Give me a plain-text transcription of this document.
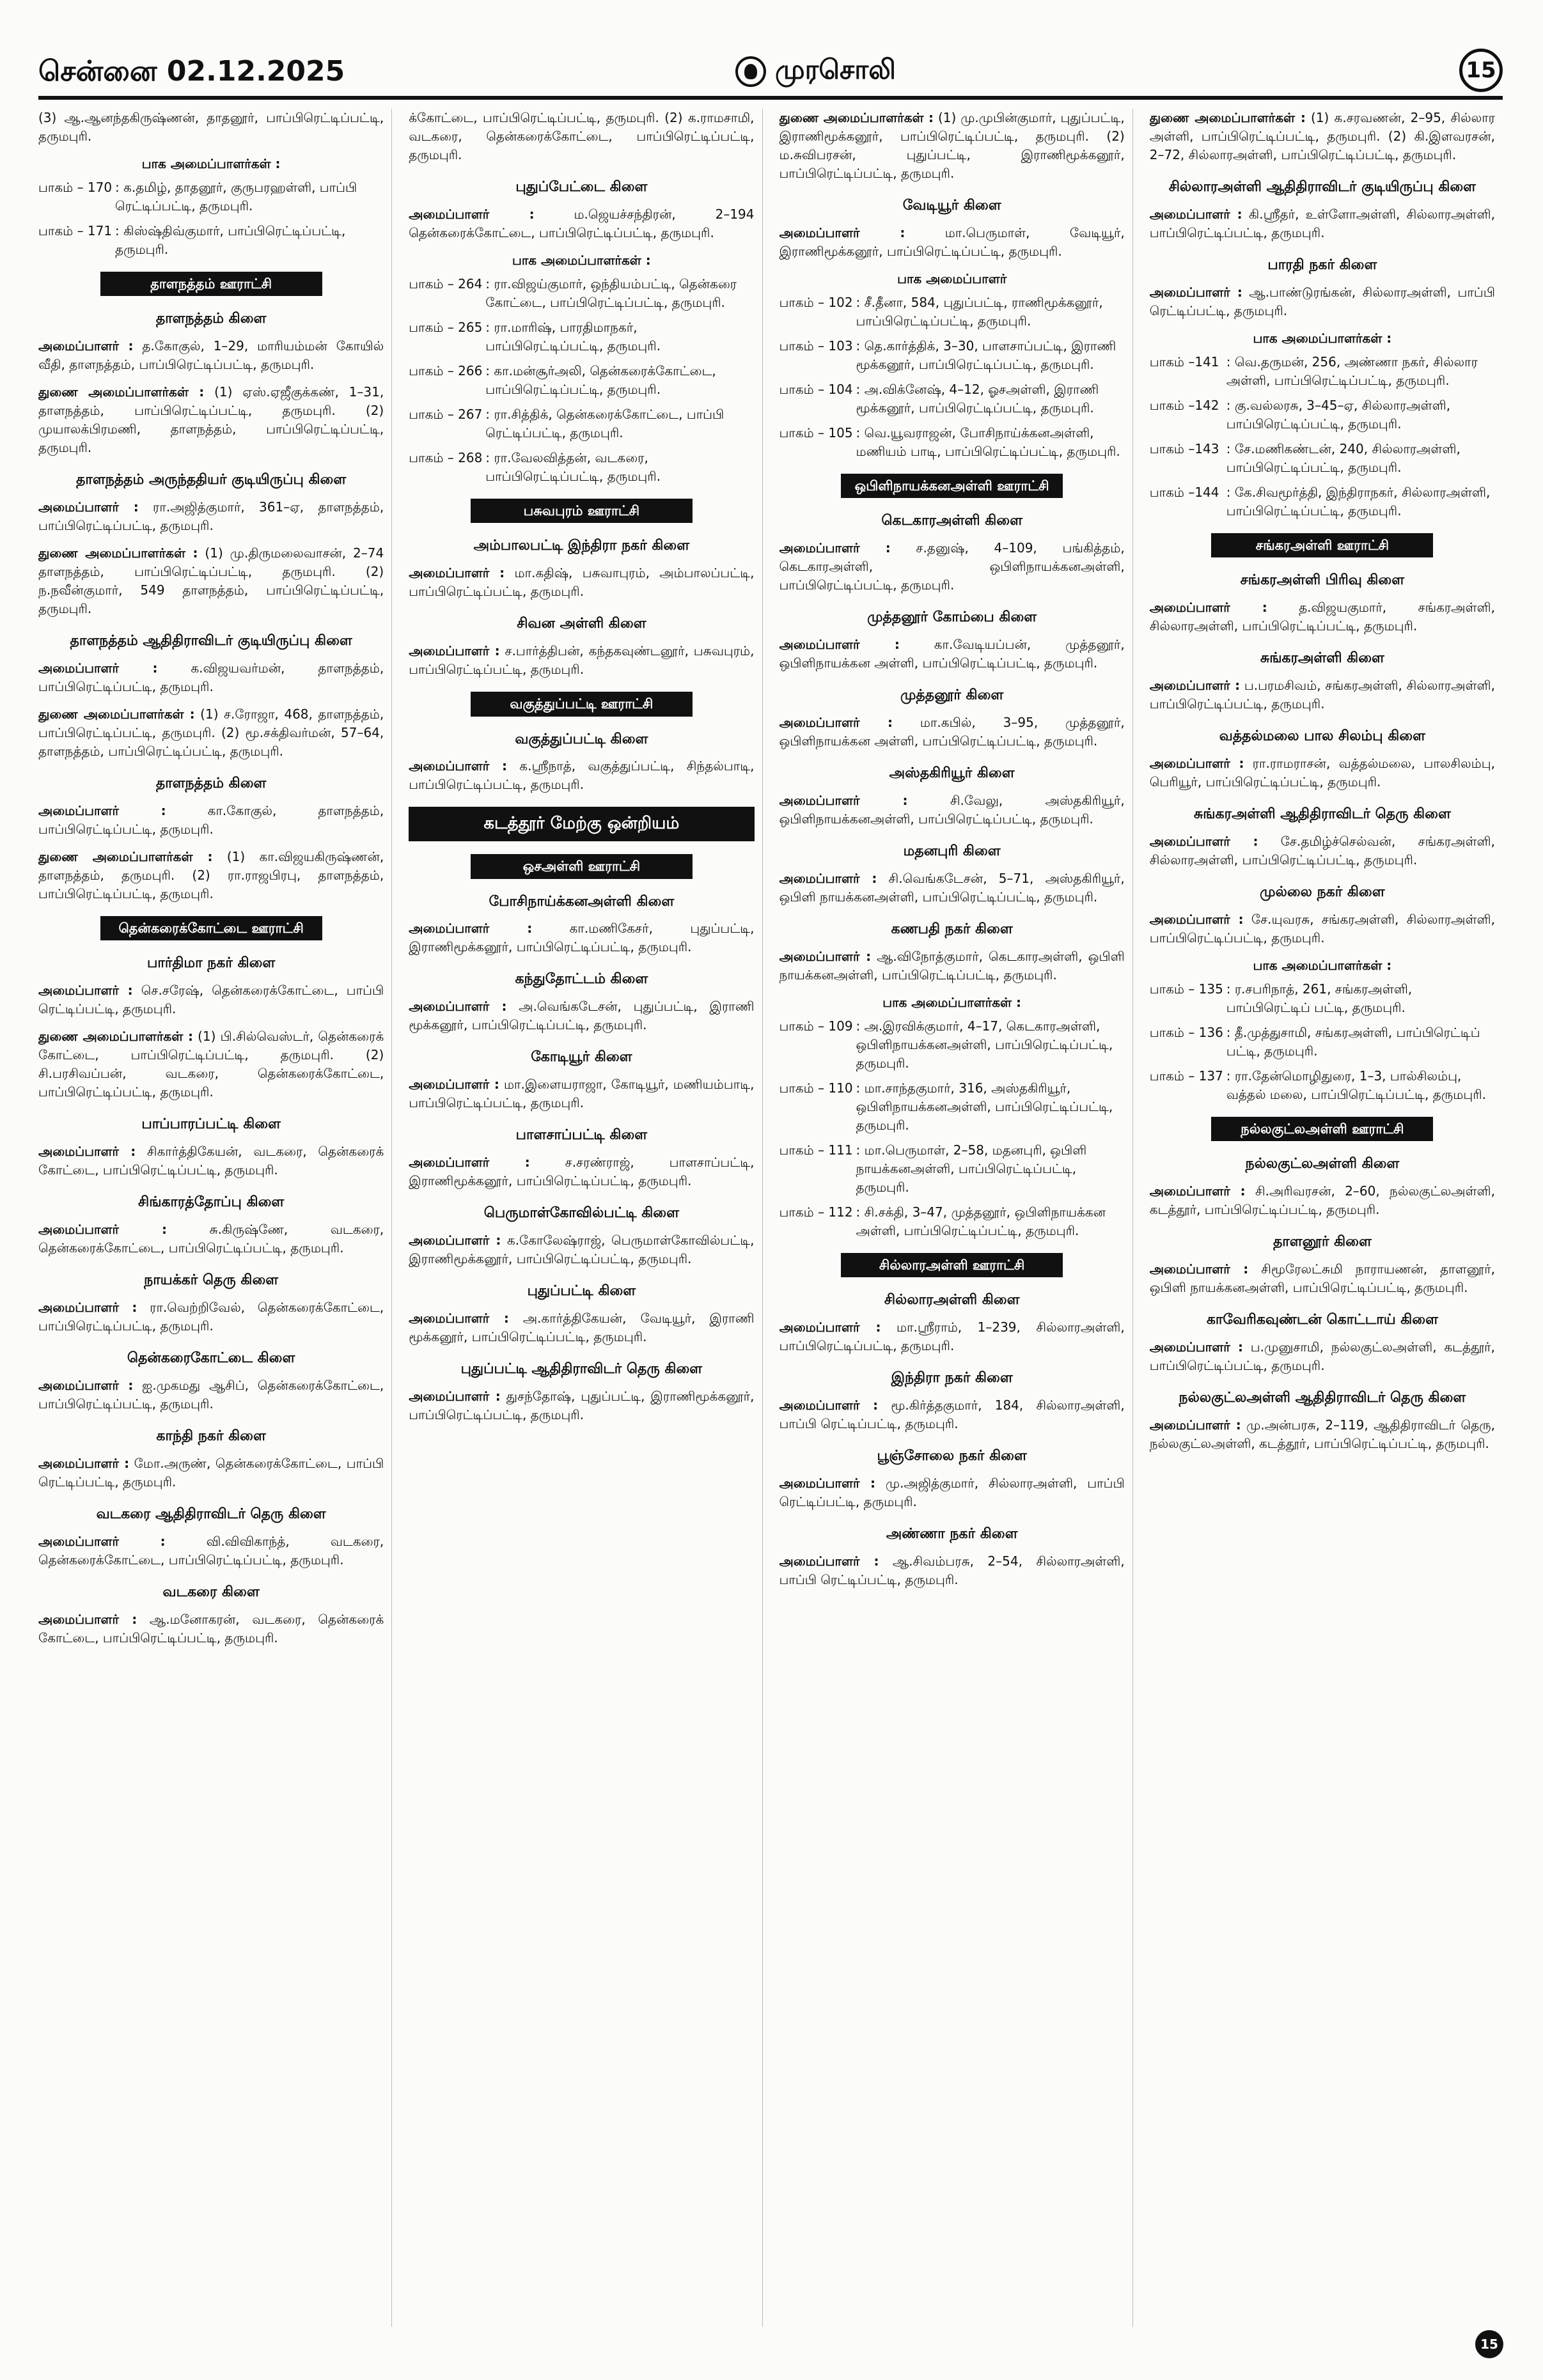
சென்னை 02.12.2025	முரசொலி	15

(3) ஆ.ஆனந்தகிருஷ்ணன், தாதனூர், பாப்பிரெட்டிப்பட்டி, தருமபுரி.

பாக அமைப்பாளர்கள் :
பாகம் – 170 : க.தமிழ், தாதனூர், குருபரஹள்ளி, பாப்பி ரெட்டிப்பட்டி, தருமபுரி.
பாகம் – 171 : கிஸ்ஷ்திவ்குமார், பாப்பிரெட்டிப்பட்டி, தருமபுரி.
தாளநத்தம் ஊராட்சி
தாளநத்தம் கிளை

அமைப்பாளர் : த.கோகுல், 1–29, மாரியம்மன் கோயில் வீதி, தாளநத்தம், பாப்பிரெட்டிப்பட்டி, தருமபுரி.

துணை அமைப்பாளர்கள் : (1) ஏஸ்.ஏஜீகுக்கண், 1–31, தாளநத்தம், பாப்பிரெட்டிப்பட்டி, தருமபுரி. (2) முயாலக்பிரமணி, தாளநத்தம், பாப்பிரெட்டிப்பட்டி, தருமபுரி.

தாளநத்தம் அருந்ததியர் குடியிருப்பு கிளை

அமைப்பாளர் : ரா.அஜித்குமார், 361–ஏ, தாளநத்தம், பாப்பிரெட்டிப்பட்டி, தருமபுரி.

துணை அமைப்பாளர்கள் : (1) மு.திருமலைவாசன், 2–74 தாளநத்தம், பாப்பிரெட்டிப்பட்டி, தருமபுரி. (2) ந.நவீன்குமார், 549 தாளநத்தம், பாப்பிரெட்டிப்பட்டி, தருமபுரி.

தாளநத்தம் ஆதிதிராவிடர் குடியிருப்பு கிளை

அமைப்பாளர் : க.விஜயவர்மன், தாளநத்தம், பாப்பிரெட்டிப்பட்டி, தருமபுரி.

துணை அமைப்பாளர்கள் : (1) ச.ரோஜா, 468, தாளநத்தம், பாப்பிரெட்டிப்பட்டி, தருமபுரி. (2) மூ.சக்திவர்மன், 57–64, தாளநத்தம், பாப்பிரெட்டிப்பட்டி, தருமபுரி.

தாளநத்தம் கிளை

அமைப்பாளர் : கா.கோகுல், தாளநத்தம், பாப்பிரெட்டிப்பட்டி, தருமபுரி.

துணை அமைப்பாளர்கள் : (1) கா.விஜயகிருஷ்ணன், தாளநத்தம், தருமபுரி. (2) ரா.ராஜபிரபு, தாளநத்தம், பாப்பிரெட்டிப்பட்டி, தருமபுரி.

தென்கரைக்கோட்டை ஊராட்சி
பார்திமா நகர் கிளை

அமைப்பாளர் : செ.சரேஷ், தென்கரைக்கோட்டை, பாப்பி ரெட்டிப்பட்டி, தருமபுரி.

துணை அமைப்பாளர்கள் : (1) பி.சில்வெஸ்டர், தென்கரைக் கோட்டை, பாப்பிரெட்டிப்பட்டி, தருமபுரி. (2) சி.பரசிவப்பன், வடகரை, தென்கரைக்கோட்டை, பாப்பிரெட்டிப்பட்டி, தருமபுரி.

பாப்பாரப்பட்டி கிளை

அமைப்பாளர் : சிகார்த்திகேயன், வடகரை, தென்கரைக் கோட்டை, பாப்பிரெட்டிப்பட்டி, தருமபுரி.

சிங்காரத்தோப்பு கிளை

அமைப்பாளர் : சு.கிருஷ்ணே, வடகரை, தென்கரைக்கோட்டை, பாப்பிரெட்டிப்பட்டி, தருமபுரி.

நாயக்கர் தெரு கிளை

அமைப்பாளர் : ரா.வெற்றிவேல், தென்கரைக்கோட்டை, பாப்பிரெட்டிப்பட்டி, தருமபுரி.

தென்கரைகோட்டை கிளை

அமைப்பாளர் : ஐ.முகமது ஆசிப், தென்கரைக்கோட்டை, பாப்பிரெட்டிப்பட்டி, தருமபுரி.

காந்தி நகர் கிளை

அமைப்பாளர் : மோ.அருண், தென்கரைக்கோட்டை, பாப்பி ரெட்டிப்பட்டி, தருமபுரி.

வடகரை ஆதிதிராவிடர் தெரு கிளை

அமைப்பாளர் : வி.விவிகாந்த், வடகரை, தென்கரைக்கோட்டை, பாப்பிரெட்டிப்பட்டி, தருமபுரி.

வடகரை கிளை

அமைப்பாளர் : ஆ.மனோகரன், வடகரை, தென்கரைக் கோட்டை, பாப்பிரெட்டிப்பட்டி, தருமபுரி.

க்கோட்டை, பாப்பிரெட்டிப்பட்டி, தருமபுரி. (2) க.ராமசாமி, வடகரை, தென்கரைக்கோட்டை, பாப்பிரெட்டிப்பட்டி, தருமபுரி.

புதுப்பேட்டை கிளை

அமைப்பாளர் : ம.ஜெயச்சந்திரன், 2–194 தென்கரைக்கோட்டை, பாப்பிரெட்டிப்பட்டி, தருமபுரி.

பாக அமைப்பாளர்கள் :
பாகம் – 264 : ரா.விஜய்குமார், ஒந்தியம்பட்டி, தென்கரை கோட்டை, பாப்பிரெட்டிப்பட்டி, தருமபுரி.
பாகம் – 265 : ரா.மாரிஷ், பாரதிமாநகர், பாப்பிரெட்டிப்பட்டி, தருமபுரி.
பாகம் – 266 : கா.மன்சூர்அலி, தென்கரைக்கோட்டை, பாப்பிரெட்டிப்பட்டி, தருமபுரி.
பாகம் – 267 : ரா.சித்திக், தென்கரைக்கோட்டை, பாப்பி ரெட்டிப்பட்டி, தருமபுரி.
பாகம் – 268 : ரா.வேலவித்தன், வடகரை, பாப்பிரெட்டிப்பட்டி, தருமபுரி.
பசுவபுரம் ஊராட்சி
அம்பாலபட்டி இந்திரா நகர் கிளை

அமைப்பாளர் : மா.கதிஷ், பசுவாபுரம், அம்பாலப்பட்டி, பாப்பிரெட்டிப்பட்டி, தருமபுரி.

சிவன அள்ளி கிளை

அமைப்பாளர் : ச.பார்த்திபன், கந்தகவுண்டனூர், பசுவபுரம், பாப்பிரெட்டிப்பட்டி, தருமபுரி.

வகுத்துப்பட்டி ஊராட்சி
வகுத்துப்பட்டி கிளை

அமைப்பாளர் : க.ஸ்ரீநாத், வகுத்துப்பட்டி, சிந்தல்பாடி, பாப்பிரெட்டிப்பட்டி, தருமபுரி.

கடத்தூர் மேற்கு ஒன்றியம்
ஒசஅள்ளி ஊராட்சி
போசிநாய்க்கனஅள்ளி கிளை

அமைப்பாளர் : கா.மணிகேசர், புதுப்பட்டி, இராணிமூக்கனூர், பாப்பிரெட்டிப்பட்டி, தருமபுரி.

கந்துதோட்டம் கிளை

அமைப்பாளர் : அ.வெங்கடேசன், புதுப்பட்டி, இராணி மூக்கனூர், பாப்பிரெட்டிப்பட்டி, தருமபுரி.

கோடியூர் கிளை

அமைப்பாளர் : மா.இளையராஜா, கோடியூர், மணியம்பாடி, பாப்பிரெட்டிப்பட்டி, தருமபுரி.

பாளசாப்பட்டி கிளை

அமைப்பாளர் : ச.சரண்ராஜ், பாளசாப்பட்டி, இராணிமூக்கனூர், பாப்பிரெட்டிப்பட்டி, தருமபுரி.

பெருமாள்கோவில்பட்டி கிளை

அமைப்பாளர் : க.கோலேஷ்ராஜ், பெருமாள்கோவில்பட்டி, இராணிமூக்கனூர், பாப்பிரெட்டிப்பட்டி, தருமபுரி.

புதுப்பட்டி கிளை

அமைப்பாளர் : அ.கார்த்திகேயன், வேடியூர், இராணி மூக்கனூர், பாப்பிரெட்டிப்பட்டி, தருமபுரி.

புதுப்பட்டி ஆதிதிராவிடர் தெரு கிளை

அமைப்பாளர் : துசந்தோஷ், புதுப்பட்டி, இராணிமூக்கனூர், பாப்பிரெட்டிப்பட்டி, தருமபுரி.

துணை அமைப்பாளர்கள் : (1) மு.முபின்குமார், புதுப்பட்டி, இராணிமூக்கனூர், பாப்பிரெட்டிப்பட்டி, தருமபுரி. (2) ம.சுவிபரசன், புதுப்பட்டி, இராணிமூக்கனூர், பாப்பிரெட்டிப்பட்டி, தருமபுரி.

வேடியூர் கிளை

அமைப்பாளர் : மா.பெருமாள், வேடியூர், இராணிமூக்கனூர், பாப்பிரெட்டிப்பட்டி, தருமபுரி.

பாக அமைப்பாளர்
பாகம் – 102 : சீ.தீனா, 584, புதுப்பட்டி, ராணிமூக்கனூர், பாப்பிரெட்டிப்பட்டி, தருமபுரி.
பாகம் – 103 : தெ.கார்த்திக், 3–30, பாளசாப்பட்டி, இராணி மூக்கனூர், பாப்பிரெட்டிப்பட்டி, தருமபுரி.
பாகம் – 104 : அ.விக்னேஷ், 4–12, ஓசஅள்ளி, இராணி மூக்கனூர், பாப்பிரெட்டிப்பட்டி, தருமபுரி.
பாகம் – 105 : வெ.யூவராஜன், போசிநாய்க்கனஅள்ளி, மணியம் பாடி, பாப்பிரெட்டிப்பட்டி, தருமபுரி.
ஒபிளிநாயக்கனஅள்ளி ஊராட்சி
கெடகாரஅள்ளி கிளை

அமைப்பாளர் : ச.தனுஷ், 4–109, பங்கித்தம், கெடகாரஅள்ளி, ஒபிளிநாயக்கனஅள்ளி, பாப்பிரெட்டிப்பட்டி, தருமபுரி.

முத்தனூர் கோம்பை கிளை

அமைப்பாளர் : கா.வேடியப்பன், முத்தனூர், ஒபிளிநாயக்கன அள்ளி, பாப்பிரெட்டிப்பட்டி, தருமபுரி.

முத்தனூர் கிளை

அமைப்பாளர் : மா.கபில், 3–95, முத்தனூர், ஒபிளிநாயக்கன அள்ளி, பாப்பிரெட்டிப்பட்டி, தருமபுரி.

அஸ்தகிரியூர் கிளை

அமைப்பாளர் : சி.வேலு, அஸ்தகிரியூர், ஒபிளிநாயக்கனஅள்ளி, பாப்பிரெட்டிப்பட்டி, தருமபுரி.

மதனபுரி கிளை

அமைப்பாளர் : சி.வெங்கடேசன், 5–71, அஸ்தகிரியூர், ஒபிளி நாயக்கனஅள்ளி, பாப்பிரெட்டிப்பட்டி, தருமபுரி.

கணபதி நகர் கிளை

அமைப்பாளர் : ஆ.விநோத்குமார், கெடகாரஅள்ளி, ஒபிளி நாயக்கனஅள்ளி, பாப்பிரெட்டிப்பட்டி, தருமபுரி.

பாக அமைப்பாளர்கள் :
பாகம் – 109 : அ.இரவிக்குமார், 4–17, கெடகாரஅள்ளி, ஒபிளிநாயக்கனஅள்ளி, பாப்பிரெட்டிப்பட்டி, தருமபுரி.
பாகம் – 110 : மா.சாந்தகுமார், 316, அஸ்தகிரியூர், ஒபிளிநாயக்கனஅள்ளி, பாப்பிரெட்டிப்பட்டி, தருமபுரி.
பாகம் – 111 : மா.பெருமாள், 2–58, மதனபுரி, ஒபிளி நாயக்கனஅள்ளி, பாப்பிரெட்டிப்பட்டி, தருமபுரி.
பாகம் – 112 : சி.சக்தி, 3–47, முத்தனூர், ஒபிளிநாயக்கன அள்ளி, பாப்பிரெட்டிப்பட்டி, தருமபுரி.
சில்லாரஅள்ளி ஊராட்சி
சில்லாரஅள்ளி கிளை

அமைப்பாளர் : மா.ஸ்ரீராம், 1–239, சில்லாரஅள்ளி, பாப்பிரெட்டிப்பட்டி, தருமபுரி.

இந்திரா நகர் கிளை

அமைப்பாளர் : மூ.கிர்த்தகுமார், 184, சில்லாரஅள்ளி, பாப்பி ரெட்டிப்பட்டி, தருமபுரி.

பூஞ்சோலை நகர் கிளை

அமைப்பாளர் : மு.அஜித்குமார், சில்லாரஅள்ளி, பாப்பி ரெட்டிப்பட்டி, தருமபுரி.

அண்ணா நகர் கிளை

அமைப்பாளர் : ஆ.சிவம்பரசு, 2–54, சில்லாரஅள்ளி, பாப்பி ரெட்டிப்பட்டி, தருமபுரி.

துணை அமைப்பாளர்கள் : (1) க.சரவணன், 2–95, சில்லார அள்ளி, பாப்பிரெட்டிப்பட்டி, தருமபுரி. (2) கி.இளவரசன், 2–72, சில்லாரஅள்ளி, பாப்பிரெட்டிப்பட்டி, தருமபுரி.

சில்லாரஅள்ளி ஆதிதிராவிடர் குடியிருப்பு கிளை

அமைப்பாளர் : கி.ஸ்ரீதர், உள்ளோஅள்ளி, சில்லாரஅள்ளி, பாப்பிரெட்டிப்பட்டி, தருமபுரி.

பாரதி நகர் கிளை

அமைப்பாளர் : ஆ.பாண்டுரங்கன், சில்லாரஅள்ளி, பாப்பி ரெட்டிப்பட்டி, தருமபுரி.

பாக அமைப்பாளர்கள் :
பாகம் –141 : வெ.தருமன், 256, அண்ணா நகர், சில்லார அள்ளி, பாப்பிரெட்டிப்பட்டி, தருமபுரி.
பாகம் –142 : கு.வல்லரசு, 3–45–ஏ, சில்லாரஅள்ளி, பாப்பிரெட்டிப்பட்டி, தருமபுரி.
பாகம் –143 : சே.மணிகண்டன், 240, சில்லாரஅள்ளி, பாப்பிரெட்டிப்பட்டி, தருமபுரி.
பாகம் –144 : கே.சிவமூர்த்தி, இந்திராநகர், சில்லாரஅள்ளி, பாப்பிரெட்டிப்பட்டி, தருமபுரி.
சங்கரஅள்ளி ஊராட்சி
சங்கரஅள்ளி பிரிவு கிளை

அமைப்பாளர் : த.விஜயகுமார், சங்கரஅள்ளி, சில்லாரஅள்ளி, பாப்பிரெட்டிப்பட்டி, தருமபுரி.

சுங்கரஅள்ளி கிளை

அமைப்பாளர் : ப.பரமசிவம், சங்கரஅள்ளி, சில்லாரஅள்ளி, பாப்பிரெட்டிப்பட்டி, தருமபுரி.

வத்தல்மலை பால சிலம்பு கிளை

அமைப்பாளர் : ரா.ராமராசன், வத்தல்மலை, பாலசிலம்பு, பெரியூர், பாப்பிரெட்டிப்பட்டி, தருமபுரி.

சுங்கரஅள்ளி ஆதிதிராவிடர் தெரு கிளை

அமைப்பாளர் : சே.தமிழ்ச்செல்வன், சங்கரஅள்ளி, சில்லாரஅள்ளி, பாப்பிரெட்டிப்பட்டி, தருமபுரி.

முல்லை நகர் கிளை

அமைப்பாளர் : சே.யுவரசு, சங்கரஅள்ளி, சில்லாரஅள்ளி, பாப்பிரெட்டிப்பட்டி, தருமபுரி.

பாக அமைப்பாளர்கள் :
பாகம் – 135 : ர.சபரிநாத், 261, சங்கரஅள்ளி, பாப்பிரெட்டிப் பட்டி, தருமபுரி.
பாகம் – 136 : தீ.முத்துசாமி, சங்கரஅள்ளி, பாப்பிரெட்டிப் பட்டி, தருமபுரி.
பாகம் – 137 : ரா.தேன்மொழிதுரை, 1–3, பால்சிலம்பு, வத்தல் மலை, பாப்பிரெட்டிப்பட்டி, தருமபுரி.
நல்லகுட்லஅள்ளி ஊராட்சி
நல்லகுட்லஅள்ளி கிளை

அமைப்பாளர் : சி.அரிவரசன், 2–60, நல்லகுட்லஅள்ளி, கடத்தூர், பாப்பிரெட்டிப்பட்டி, தருமபுரி.

தாளனூர் கிளை

அமைப்பாளர் : சிமூரேலட்சுமி நாராயணன், தாளனூர், ஒபிளி நாயக்கனஅள்ளி, பாப்பிரெட்டிப்பட்டி, தருமபுரி.

காவேரிகவுண்டன் கொட்டாய் கிளை

அமைப்பாளர் : ப.முனுசாமி, நல்லகுட்லஅள்ளி, கடத்தூர், பாப்பிரெட்டிப்பட்டி, தருமபுரி.

நல்லகுட்லஅள்ளி ஆதிதிராவிடர் தெரு கிளை

அமைப்பாளர் : மு.அன்பரசு, 2–119, ஆதிதிராவிடர் தெரு, நல்லகுட்லஅள்ளி, கடத்தூர், பாப்பிரெட்டிப்பட்டி, தருமபுரி.

15
